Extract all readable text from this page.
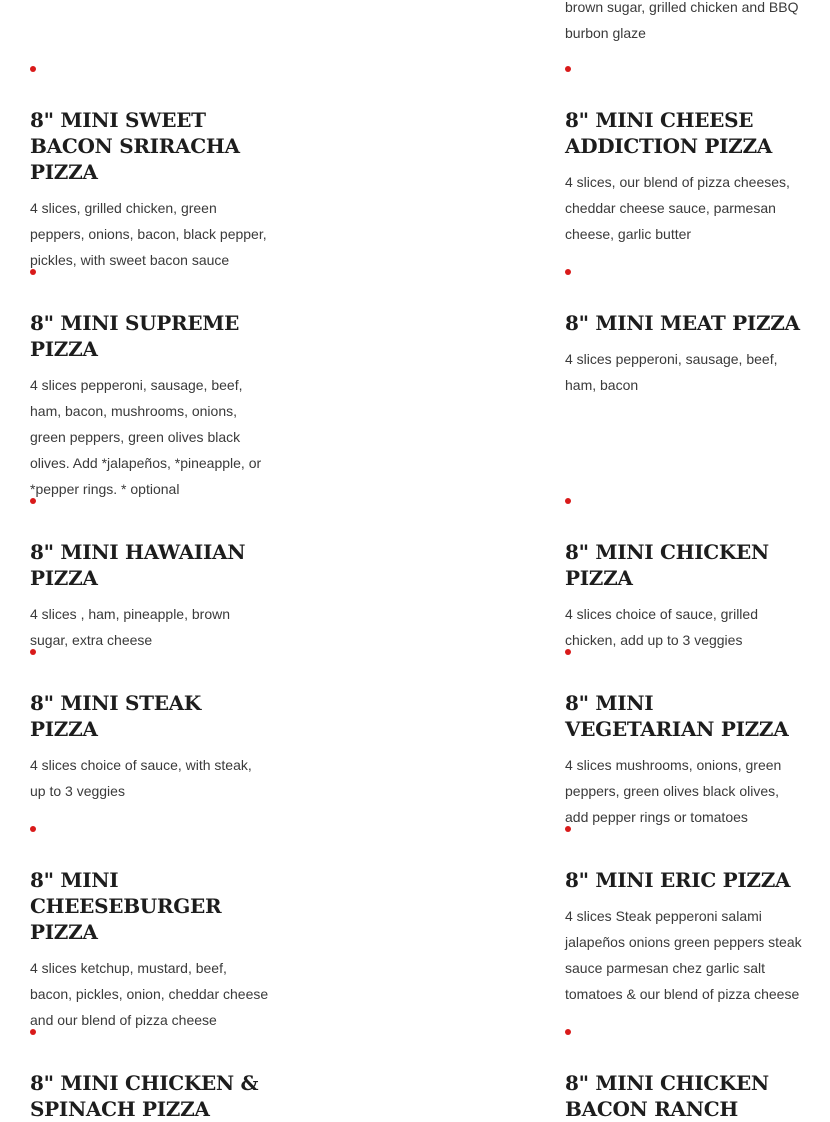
brown sugar, grilled chicken and BBQ burbon glaze

8" MINI SWEET BACON SRIRACHA PIZZA

4 slices, grilled chicken, green peppers, onions, bacon, black pepper, pickles, with sweet bacon sauce

8" MINI CHEESE ADDICTION PIZZA

4 slices, our blend of pizza cheeses, cheddar cheese sauce, parmesan cheese, garlic butter

8" MINI SUPREME PIZZA

4 slices pepperoni, sausage, beef, ham, bacon, mushrooms, onions, green peppers, green olives black olives. Add *jalapeños, *pineapple, or *pepper rings. * optional

8" MINI MEAT PIZZA

4 slices pepperoni, sausage, beef, ham, bacon

8" MINI HAWAIIAN PIZZA

4 slices , ham, pineapple, brown sugar, extra cheese

8" MINI CHICKEN PIZZA

4 slices choice of sauce, grilled chicken, add up to 3 veggies

8" MINI STEAK PIZZA

4 slices choice of sauce, with steak, up to 3 veggies

8" MINI VEGETARIAN PIZZA

4 slices mushrooms, onions, green peppers, green olives black olives, add pepper rings or tomatoes

8" MINI CHEESEBURGER PIZZA

4 slices ketchup, mustard, beef, bacon, pickles, onion, cheddar cheese and our blend of pizza cheese

8" MINI ERIC PIZZA

4 slices Steak pepperoni salami jalapeños onions green peppers steak sauce parmesan chez garlic salt tomatoes & our blend of pizza cheese

8" MINI CHICKEN & SPINACH PIZZA
8" MINI CHICKEN BACON RANCH
